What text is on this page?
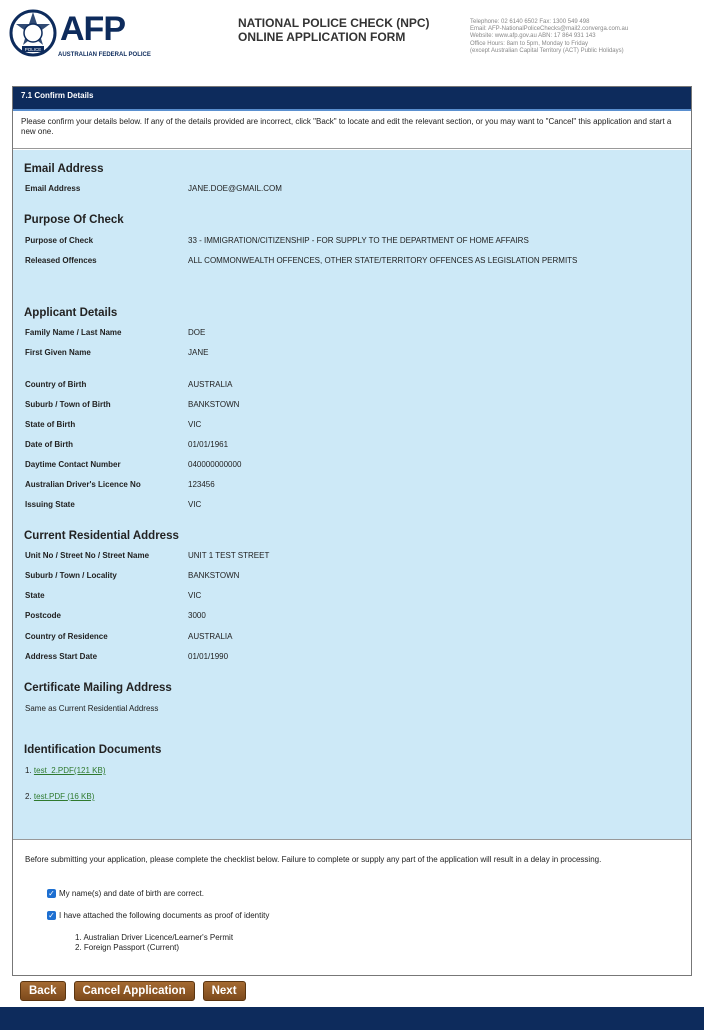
POLICE
AFP
AUSTRALIAN FEDERAL POLICE
NATIONAL POLICE CHECK (NPC)
ONLINE APPLICATION FORM
Telephone: 02 6140 6502 Fax: 1300 549 498
Email: AFP-NationalPoliceChecks@mail2.converga.com.au
Website: www.afp.gov.au ABN: 17 864 931 143
Office Hours: 8am to 5pm, Monday to Friday
(except Australian Capital Territory (ACT) Public Holidays)
7.1 Confirm Details
Please confirm your details below. If any of the details provided are incorrect, click "Back" to locate and edit the relevant section, or you may want to "Cancel" this application and start a new one.
Email Address
Email Address	JANE.DOE@GMAIL.COM
Purpose Of Check
Purpose of Check	33 - IMMIGRATION/CITIZENSHIP - FOR SUPPLY TO THE DEPARTMENT OF HOME AFFAIRS
Released Offences	ALL COMMONWEALTH OFFENCES, OTHER STATE/TERRITORY OFFENCES AS LEGISLATION PERMITS
Applicant Details
Family Name / Last Name	DOE
First Given Name	JANE
Country of Birth	AUSTRALIA
Suburb / Town of Birth	BANKSTOWN
State of Birth	VIC
Date of Birth	01/01/1961
Daytime Contact Number	040000000000
Australian Driver's Licence No	123456
Issuing State	VIC
Current Residential Address
Unit No / Street No / Street Name	UNIT 1 TEST STREET
Suburb / Town / Locality	BANKSTOWN
State	VIC
Postcode	3000
Country of Residence	AUSTRALIA
Address Start Date	01/01/1990
Certificate Mailing Address
Same as Current Residential Address
Identification Documents
1. test_2.PDF(121 KB)
2. test.PDF (16 KB)
Before submitting your application, please complete the checklist below. Failure to complete or supply any part of the application will result in a delay in processing.
✓ My name(s) and date of birth are correct.
✓ I have attached the following documents as proof of identity
1. Australian Driver Licence/Learner's Permit
2. Foreign Passport (Current)
Back	Cancel Application	Next
